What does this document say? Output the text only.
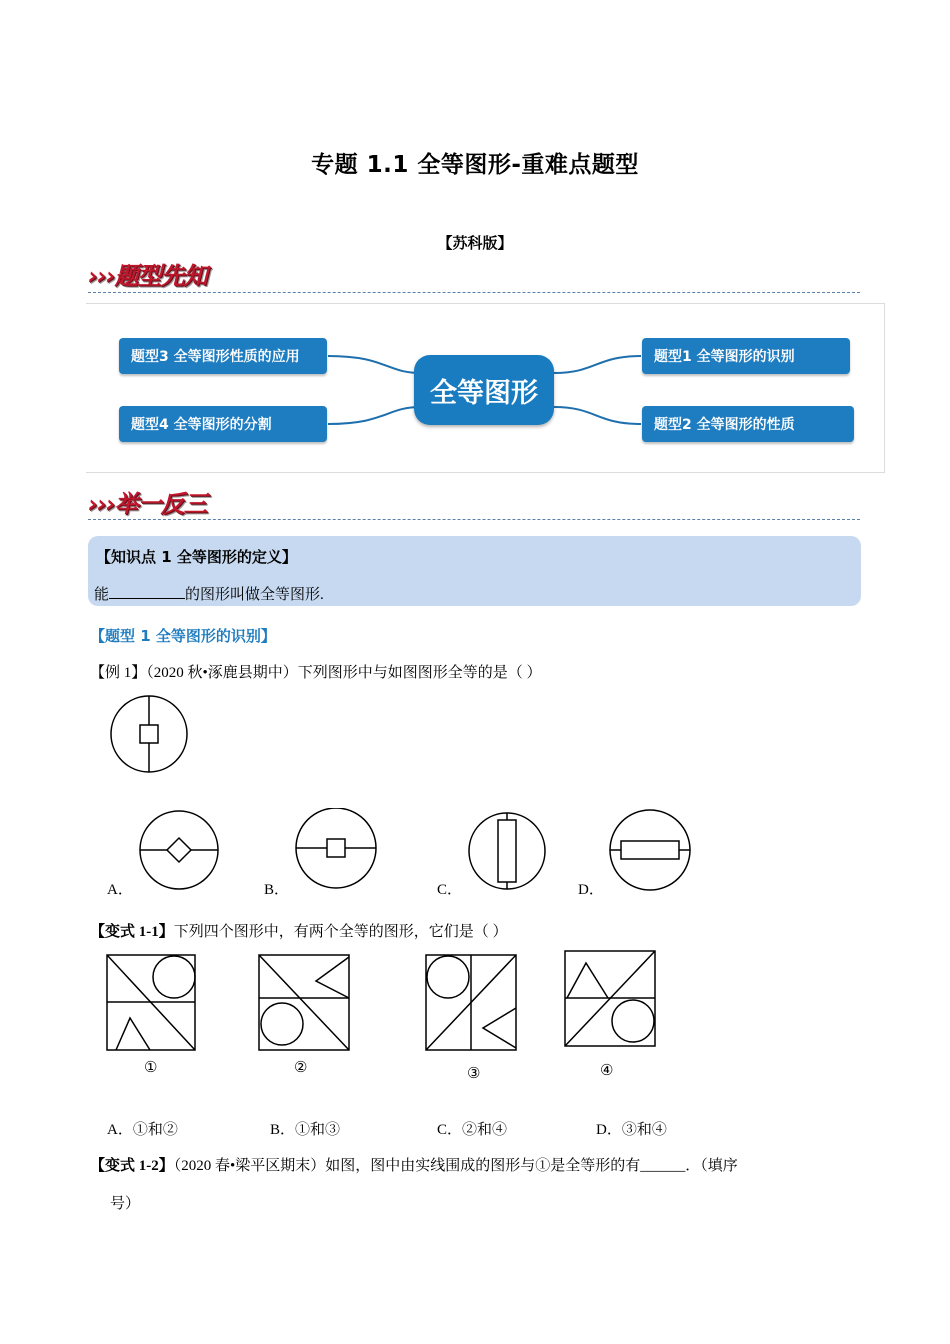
专题 1.1 全等图形-重难点题型
【苏科版】
›››题型先知
题型3 全等图形性质的应用
题型4 全等图形的分割
题型1 全等图形的识别
题型2 全等图形的性质
全等图形
›››举一反三
【知识点 1 全等图形的定义】
能	的图形叫做全等图形.
【题型 1 全等图形的识别】
【例 1】（2020 秋•涿鹿县期中）下列图形中与如图图形全等的是（ ）
A．	B．	C．	D．
【变式 1-1】下列四个图形中，有两个全等的图形，它们是（ ）
①	②	③	④
A．①和②	B．①和③	C．②和④	D．③和④
【变式 1-2】（2020 春•梁平区期末）如图，图中由实线围成的图形与①是全等形的有______．（填序
号）
